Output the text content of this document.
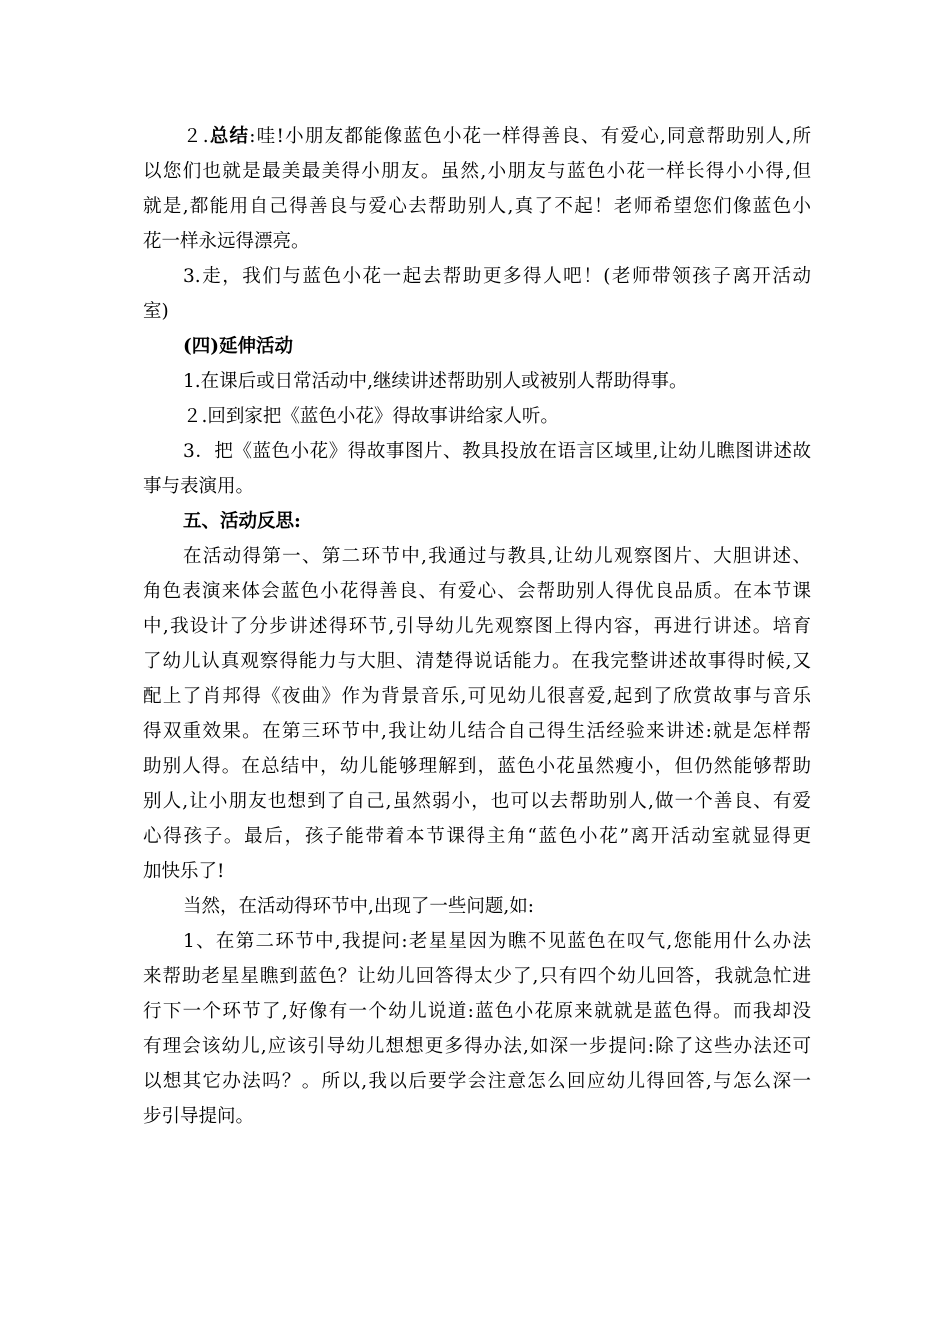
２.总结:哇!小朋友都能像蓝色小花一样得善良、有爱心,同意帮助别人,所
以您们也就是最美最美得小朋友。虽然,小朋友与蓝色小花一样长得小小得,但
就是,都能用自己得善良与爱心去帮助别人,真了不起！老师希望您们像蓝色小
花一样永远得漂亮。
3.走，我们与蓝色小花一起去帮助更多得人吧！(老师带领孩子离开活动
室)
(四)延伸活动
1.在课后或日常活动中,继续讲述帮助别人或被别人帮助得事。
２.回到家把《蓝色小花》得故事讲给家人听。
3．把《蓝色小花》得故事图片、教具投放在语言区域里,让幼儿瞧图讲述故
事与表演用。
五、活动反思:
在活动得第一、第二环节中,我通过与教具,让幼儿观察图片、大胆讲述、
角色表演来体会蓝色小花得善良、有爱心、会帮助别人得优良品质。在本节课
中,我设计了分步讲述得环节,引导幼儿先观察图上得内容，再进行讲述。培育
了幼儿认真观察得能力与大胆、清楚得说话能力。在我完整讲述故事得时候,又
配上了肖邦得《夜曲》作为背景音乐,可见幼儿很喜爱,起到了欣赏故事与音乐
得双重效果。在第三环节中,我让幼儿结合自己得生活经验来讲述:就是怎样帮
助别人得。在总结中，幼儿能够理解到，蓝色小花虽然瘦小，但仍然能够帮助
别人,让小朋友也想到了自己,虽然弱小，也可以去帮助别人,做一个善良、有爱
心得孩子。最后，孩子能带着本节课得主角“蓝色小花”离开活动室就显得更
加快乐了!
当然，在活动得环节中,出现了一些问题,如:
1、在第二环节中,我提问:老星星因为瞧不见蓝色在叹气,您能用什么办法
来帮助老星星瞧到蓝色？让幼儿回答得太少了,只有四个幼儿回答，我就急忙进
行下一个环节了,好像有一个幼儿说道:蓝色小花原来就就是蓝色得。而我却没
有理会该幼儿,应该引导幼儿想想更多得办法,如深一步提问:除了这些办法还可
以想其它办法吗？。所以,我以后要学会注意怎么回应幼儿得回答,与怎么深一
步引导提问。
